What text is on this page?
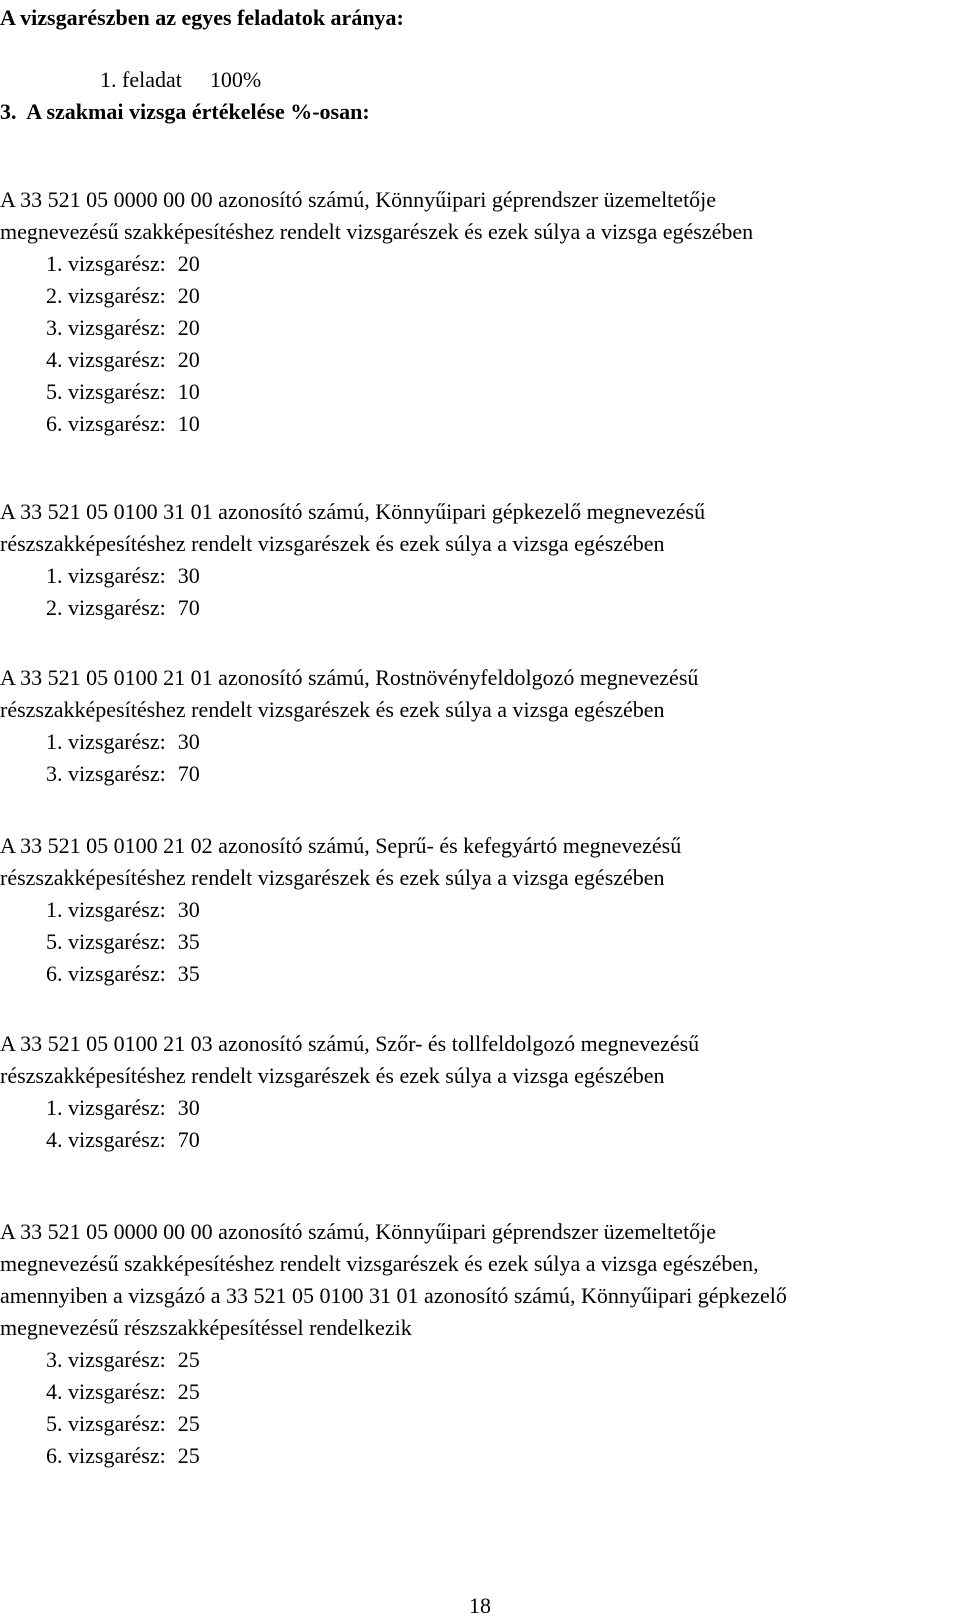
A vizsgarészben az egyes feladatok aránya:

1. feladat 100%

3.  A szakmai vizsga értékelése %-osan:
A 33 521 05 0000 00 00 azonosító számú, Könnyűipari géprendszer üzemeltetője
megnevezésű szakképesítéshez rendelt vizsgarészek és ezek súlya a vizsga egészében
1. vizsgarész: 20
2. vizsgarész: 20
3. vizsgarész: 20
4. vizsgarész: 20
5. vizsgarész: 10
6. vizsgarész: 10
A 33 521 05 0100 31 01 azonosító számú, Könnyűipari gépkezelő megnevezésű
részszakképesítéshez rendelt vizsgarészek és ezek súlya a vizsga egészében
1. vizsgarész: 30
2. vizsgarész: 70
A 33 521 05 0100 21 01 azonosító számú, Rostnövényfeldolgozó megnevezésű
részszakképesítéshez rendelt vizsgarészek és ezek súlya a vizsga egészében
1. vizsgarész: 30
3. vizsgarész: 70
A 33 521 05 0100 21 02 azonosító számú, Seprű- és kefegyártó megnevezésű
részszakképesítéshez rendelt vizsgarészek és ezek súlya a vizsga egészében
1. vizsgarész: 30
5. vizsgarész: 35
6. vizsgarész: 35
A 33 521 05 0100 21 03 azonosító számú, Szőr- és tollfeldolgozó megnevezésű
részszakképesítéshez rendelt vizsgarészek és ezek súlya a vizsga egészében
1. vizsgarész: 30
4. vizsgarész: 70
A 33 521 05 0000 00 00 azonosító számú, Könnyűipari géprendszer üzemeltetője
megnevezésű szakképesítéshez rendelt vizsgarészek és ezek súlya a vizsga egészében,
amennyiben a vizsgázó a 33 521 05 0100 31 01 azonosító számú, Könnyűipari gépkezelő
megnevezésű részszakképesítéssel rendelkezik
3. vizsgarész: 25
4. vizsgarész: 25
5. vizsgarész: 25
6. vizsgarész: 25
18
